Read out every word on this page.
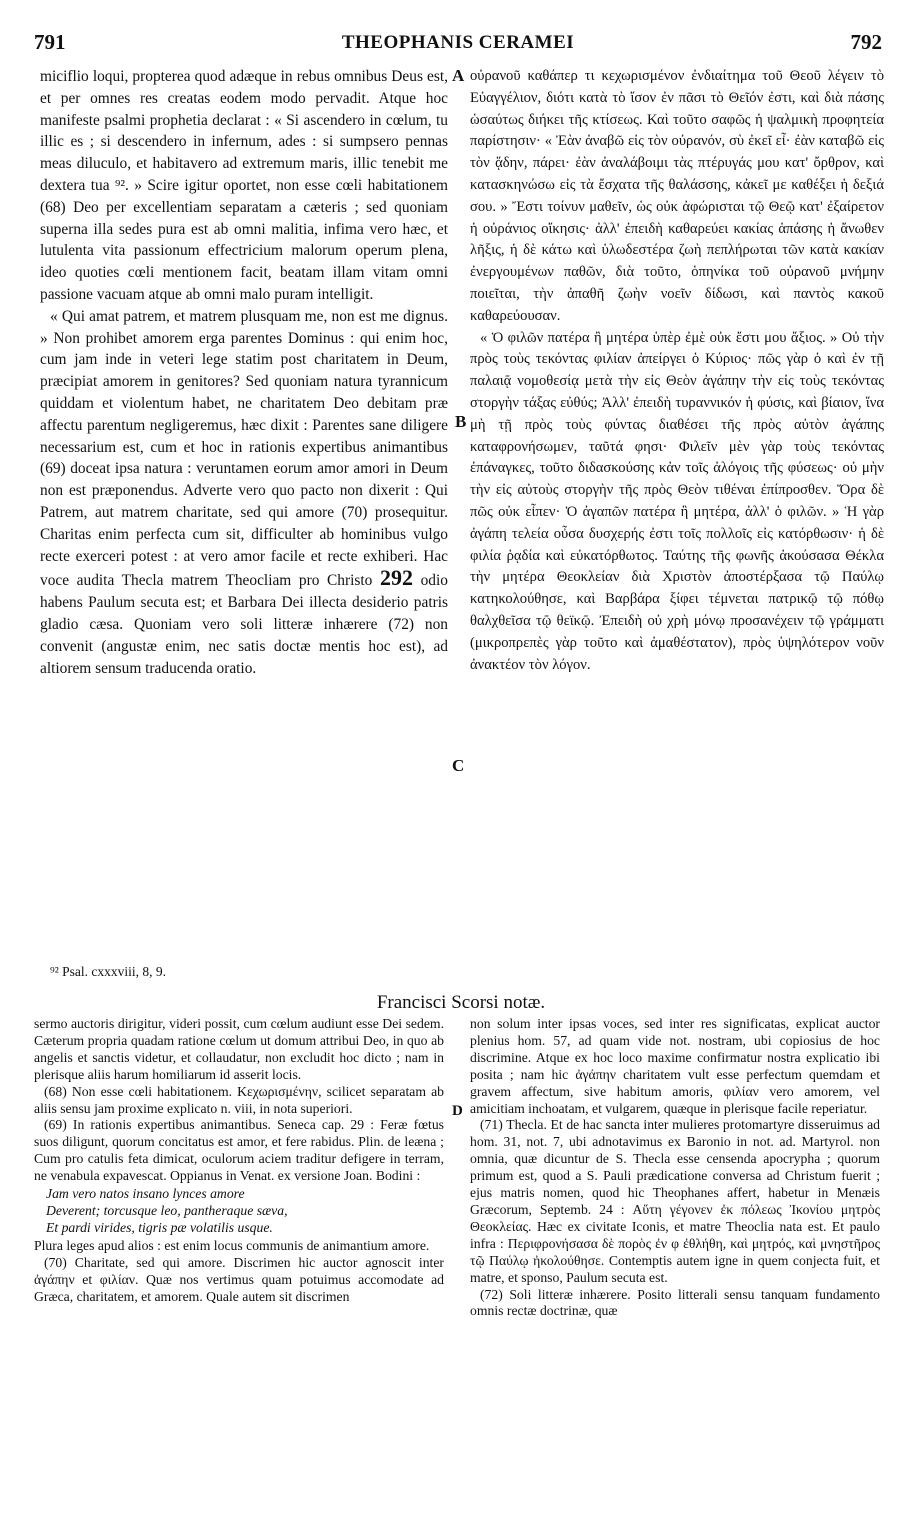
791	THEOPHANIS CERAMEI	792

miciflio loqui, propterea quod adæque in rebus omnibus Deus est, et per omnes res creatas eodem modo pervadit. Atque hoc manifeste psalmi prophetia declarat : « Si ascendero in cœlum, tu illic es ; si descendero in infernum, ades : si sumpsero pennas meas diluculo, et habitavero ad extremum maris, illic tenebit me dextera tua ⁹². » Scire igitur oportet, non esse cœli habitationem (68) Deo per excellentiam separatam a cæteris ; sed quoniam superna illa sedes pura est ab omni malitia, infima vero hæc, et lutulenta vita passionum effectricium malorum operum plena, ideo quoties cœli mentionem facit, beatam illam vitam omni passione vacuam atque ab omni malo puram intelligit.

« Qui amat patrem, et matrem plusquam me, non est me dignus. » Non prohibet amorem erga parentes Dominus : qui enim hoc, cum jam inde in veteri lege statim post charitatem in Deum, præcipiat amorem in genitores? Sed quoniam natura tyrannicum quiddam et violentum habet, ne charitatem Deo debitam præ affectu parentum negligeremus, hæc dixit : Parentes sane diligere necessarium est, cum et hoc in rationis expertibus animantibus (69) doceat ipsa natura : veruntamen eorum amor amori in Deum non est præponendus. Adverte vero quo pacto non dixerit : Qui Patrem, aut matrem charitate, sed qui amore (70) prosequitur. Charitas enim perfecta cum sit, difficulter ab hominibus vulgo recte exerceri potest : at vero amor facile et recte exhiberi. Hac voce audita Thecla matrem Theocliam pro Christo 292 odio habens Paulum secuta est; et Barbara Dei illecta desiderio patris gladio cæsa. Quoniam vero soli litteræ inhærere (72) non convenit (angustæ enim, nec satis doctæ mentis hoc est), ad altiorem sensum traducenda oratio.

A
B
C

οὐρανοῦ καθάπερ τι κεχωρισμένον ἐνδιαίτημα τοῦ Θεοῦ λέγειν τὸ Εὐαγγέλιον, διότι κατὰ τὸ ἴσον ἐν πᾶσι τὸ Θεῖόν ἐστι, καὶ διὰ πάσης ὡσαύτως διήκει τῆς κτίσεως. Καὶ τοῦτο σαφῶς ἡ ψαλμικὴ προφητεία παρίστησιν· « Ἐὰν ἀναβῶ εἰς τὸν οὐρανόν, σὺ ἐκεῖ εἶ· ἐὰν καταβῶ εἰς τὸν ᾅδην, πάρει· ἐὰν ἀναλάβοιμι τὰς πτέρυγάς μου κατ' ὄρθρον, καὶ κατασκηνώσω εἰς τὰ ἔσχατα τῆς θαλάσσης, κἀκεῖ με καθέξει ἡ δεξιά σου. » Ἔστι τοίνυν μαθεῖν, ὡς οὐκ ἀφώρισται τῷ Θεῷ κατ' ἐξαίρετον ἡ οὐράνιος οἴκησις· ἀλλ' ἐπειδὴ καθαρεύει κακίας ἁπάσης ἡ ἄνωθεν λῆξις, ἡ δὲ κάτω καὶ ὑλωδεστέρα ζωὴ πεπλήρωται τῶν κατὰ κακίαν ἐνεργουμένων παθῶν, διὰ τοῦτο, ὁπηνίκα τοῦ οὐρανοῦ μνήμην ποιεῖται, τὴν ἀπαθῆ ζωὴν νοεῖν δίδωσι, καὶ παντὸς κακοῦ καθαρεύουσαν.

« Ὁ φιλῶν πατέρα ἢ μητέρα ὑπὲρ ἐμὲ οὐκ ἔστι μου ἄξιος. » Οὐ τὴν πρὸς τοὺς τεκόντας φιλίαν ἀπείργει ὁ Κύριος· πῶς γὰρ ὁ καὶ ἐν τῇ παλαιᾷ νομοθεσίᾳ μετὰ τὴν εἰς Θεὸν ἀγάπην τὴν εἰς τοὺς τεκόντας στοργὴν τάξας εὐθύς; Ἀλλ' ἐπειδὴ τυραννικόν ἡ φύσις, καὶ βίαιον, ἵνα μὴ τῇ πρὸς τοὺς φύντας διαθέσει τῆς πρὸς αὐτὸν ἀγάπης καταφρονήσωμεν, ταῦτά φησι· Φιλεῖν μὲν γὰρ τοὺς τεκόντας ἐπάναγκες, τοῦτο διδασκούσης κἀν τοῖς ἀλόγοις τῆς φύσεως· οὐ μὴν τὴν εἰς αὐτοὺς στοργὴν τῆς πρὸς Θεὸν τιθέναι ἐπίπροσθεν. Ὅρα δὲ πῶς οὐκ εἶπεν· Ὁ ἀγαπῶν πατέρα ἢ μητέρα, ἀλλ' ὁ φιλῶν. » Ἡ γὰρ ἀγάπη τελεία οὖσα δυσχερής ἐστι τοῖς πολλοῖς εἰς κατόρθωσιν· ἡ δὲ φιλία ῥᾳδία καὶ εὐκατόρθωτος. Ταύτης τῆς φωνῆς ἀκούσασα Θέκλα τὴν μητέρα Θεοκλείαν διὰ Χριστὸν ἀποστέρξασα τῷ Παύλῳ κατηκολούθησε, καὶ Βαρβάρα ξίφει τέμνεται πατρικῷ τῷ πόθῳ θαλχθεῖσα τῷ θεϊκῷ. Ἐπειδὴ οὐ χρὴ μόνῳ προσανέχειν τῷ γράμματι (μικροπρεπὲς γὰρ τοῦτο καὶ ἀμαθέστατον), πρὸς ὑψηλότερον νοῦν ἀνακτέον τὸν λόγον.

⁹² Psal. cxxxviii, 8, 9.
Francisci Scorsi notæ.

sermo auctoris dirigitur, videri possit, cum cœlum audiunt esse Dei sedem. Cæterum propria quadam ratione cœlum ut domum attribui Deo, in quo ab angelis et sanctis videtur, et collaudatur, non excludit hoc dicto ; nam in plerisque aliis harum homiliarum id asserit locis.

(68) Non esse cœli habitationem. Κεχωρισμένην, scilicet separatam ab aliis sensu jam proxime explicato n. viii, in nota superiori.

(69) In rationis expertibus animantibus. Seneca cap. 29 : Feræ fœtus suos diligunt, quorum concitatus est amor, et fere rabidus. Plin. de leæna ; Cum pro catulis feta dimicat, oculorum aciem traditur defigere in terram, ne venabula expavescat. Oppianus in Venat. ex versione Joan. Bodini :

Jam vero natos insano lynces amore

Deverent; torcusque leo, pantheraque sæva,

Et pardi virides, tigris pæ volatilis usque.

Plura leges apud alios : est enim locus communis de animantium amore.

(70) Charitate, sed qui amore. Discrimen hic auctor agnoscit inter ἀγάπην et φιλίαν. Quæ nos vertimus quam potuimus accomodate ad Græca, charitatem, et amorem. Quale autem sit discrimen

D

non solum inter ipsas voces, sed inter res significatas, explicat auctor plenius hom. 57, ad quam vide not. nostram, ubi copiosius de hoc discrimine. Atque ex hoc loco maxime confirmatur nostra explicatio ibi posita ; nam hic ἀγάπην charitatem vult esse perfectum quemdam et gravem affectum, sive habitum amoris, φιλίαν vero amorem, vel amicitiam inchoatam, et vulgarem, quæque in plerisque facile reperiatur.

(71) Thecla. Et de hac sancta inter mulieres protomartyre disseruimus ad hom. 31, not. 7, ubi adnotavimus ex Baronio in not. ad. Martyrol. non omnia, quæ dicuntur de S. Thecla esse censenda apocrypha ; quorum primum est, quod a S. Pauli prædicatione conversa ad Christum fuerit ; ejus matris nomen, quod hic Theophanes affert, habetur in Menæis Græcorum, Septemb. 24 : Αὕτη γέγονεν ἐκ πόλεως Ἰκονίου μητρὸς Θεοκλείας. Hæc ex civitate Iconis, et matre Theoclia nata est. Et paulo infra : Περιφρονήσασα δὲ πορὸς ἐν φ ἐθλήθη, καὶ μητρός, καὶ μνηστῆρος τῷ Παύλῳ ἠκολούθησε. Contemptis autem igne in quem conjecta fuit, et matre, et sponso, Paulum secuta est.

(72) Soli litteræ inhærere. Posito litterali sensu tanquam fundamento omnis rectæ doctrinæ, quæ
